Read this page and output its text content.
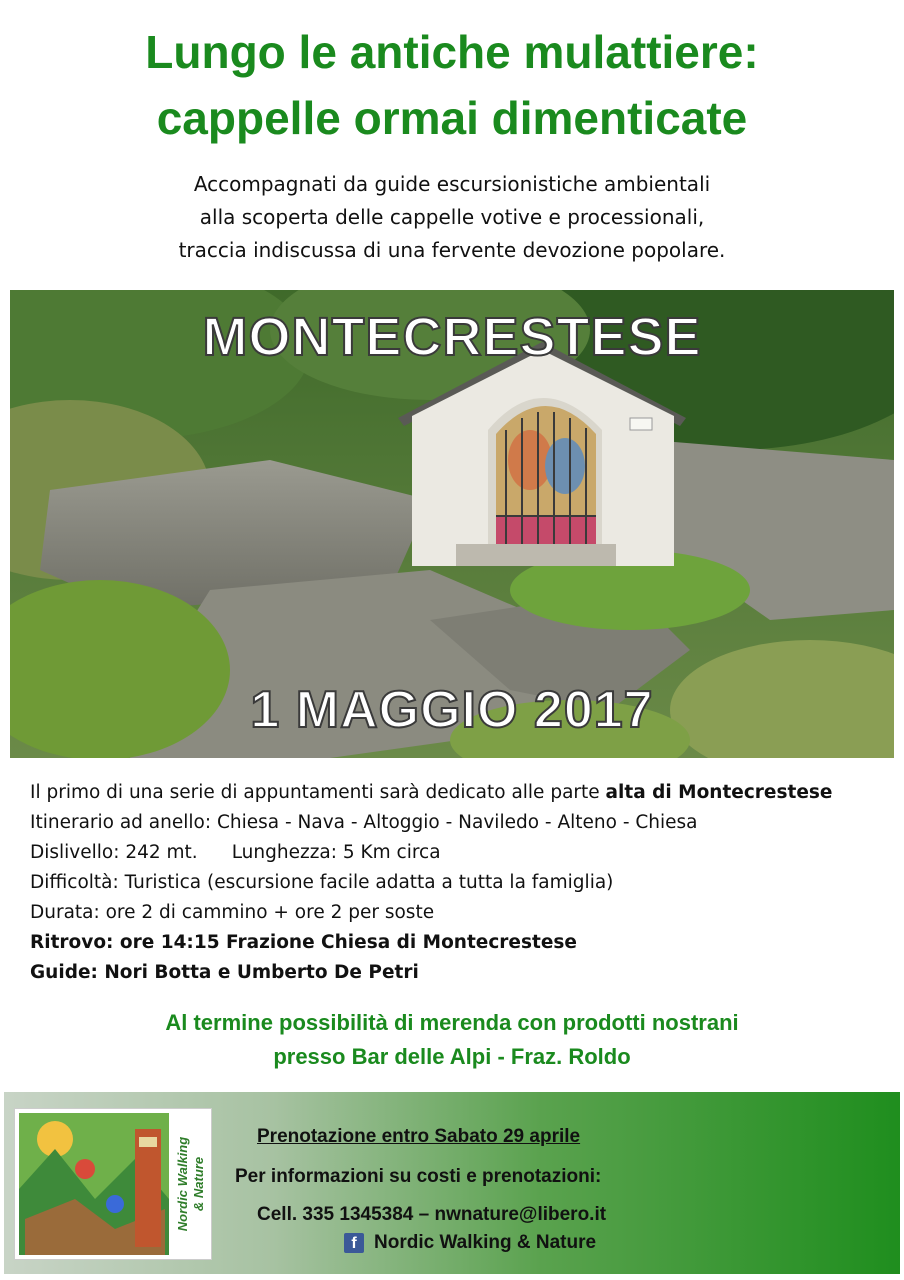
Lungo le antiche mulattiere:
cappelle ormai dimenticate
Accompagnati da guide escursionistiche ambientali
alla scoperta delle cappelle votive e processionali,
traccia indiscussa di una fervente devozione popolare.
MONTECRESTESE
1 MAGGIO 2017
Il primo di una serie di appuntamenti sarà dedicato alle parte alta di Montecrestese
Itinerario ad anello: Chiesa - Nava - Altoggio - Naviledo - Alteno - Chiesa
Dislivello: 242 mt. Lunghezza: 5 Km circa
Difficoltà: Turistica (escursione facile adatta a tutta la famiglia)
Durata: ore 2 di cammino + ore 2 per soste
Ritrovo: ore 14:15 Frazione Chiesa di Montecrestese
Guide: Nori Botta e Umberto De Petri
Al termine possibilità di merenda con prodotti nostrani
presso Bar delle Alpi - Fraz. Roldo
Nordic Walking & Nature
Prenotazione entro Sabato 29 aprile
Per informazioni su costi e prenotazioni:
Cell. 335 1345384 – nwnature@libero.it
f Nordic Walking & Nature
